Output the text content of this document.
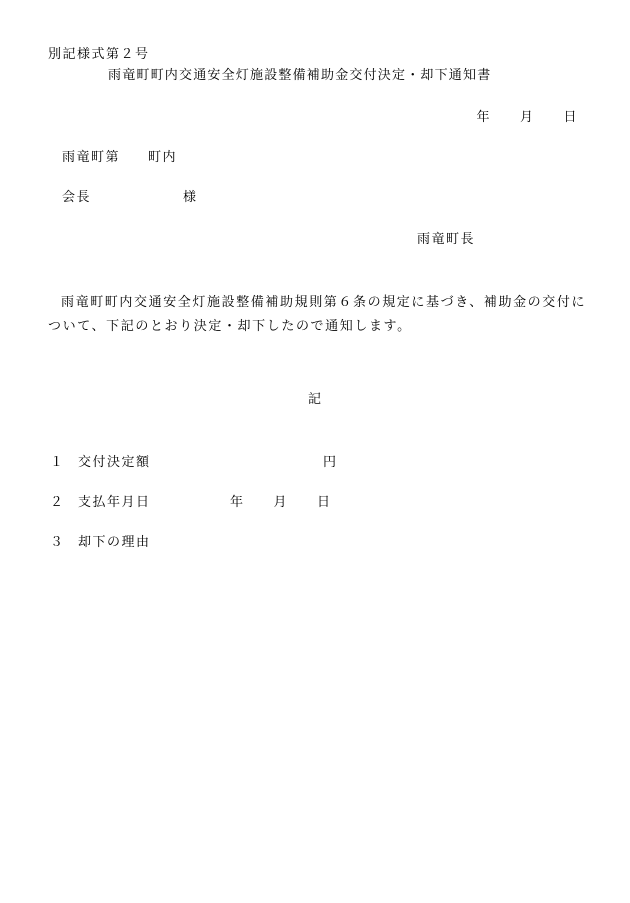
別記様式第２号
雨竜町町内交通安全灯施設整備補助金交付決定・却下通知書
年　　月　　日
雨竜町第 町内
会長	様
雨竜町長
雨竜町町内交通安全灯施設整備補助規則第６条の規定に基づき、補助金の交付について、下記のとおり決定・却下したので通知します。
記
１ 交付決定額	円
２ 支払年月日	年　　月　　日
３ 却下の理由
